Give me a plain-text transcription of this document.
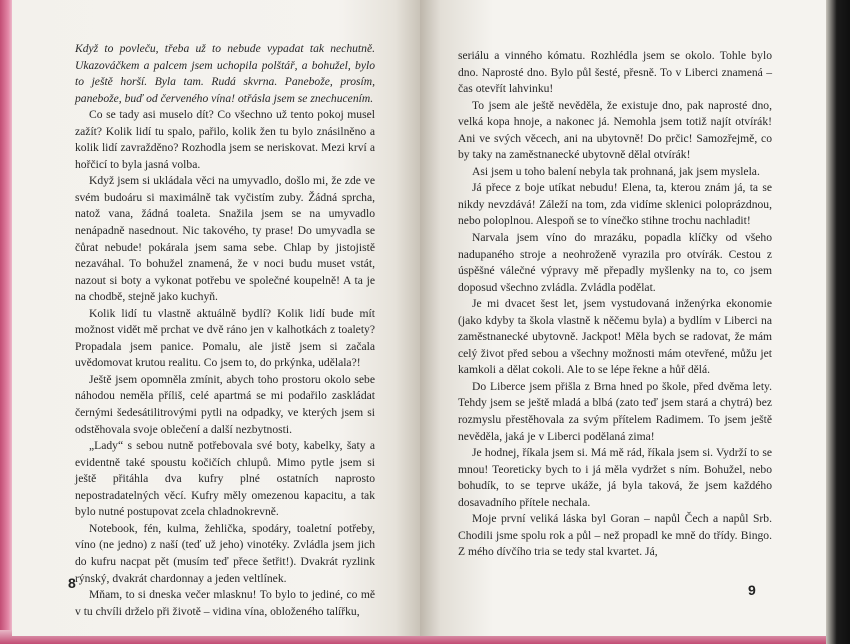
Když to povleču, třeba už to nebude vypadat tak nechutně. Ukazováčkem a palcem jsem uchopila polštář, a bohužel, bylo to ještě horší. Byla tam. Rudá skvrna. Panebože, prosím, panebože, buď od červeného vína! otřásla jsem se znechucením.

Co se tady asi muselo dít? Co všechno už tento pokoj musel zažít? Kolik lidí tu spalo, pařilo, kolik žen tu bylo znásilněno a kolik lidí zavražděno? Rozhodla jsem se neriskovat. Mezi krví a hořčicí to byla jasná volba.

Když jsem si ukládala věci na umyvadlo, došlo mi, že zde ve svém budoáru si maximálně tak vyčistím zuby. Žádná sprcha, natož vana, žádná toaleta. Snažila jsem se na umyvadlo nenápadně nasednout. Nic takového, ty prase! Do umyvadla se čůrat nebude! pokárala jsem sama sebe. Chlap by jistojistě nezaváhal. To bohužel znamená, že v noci budu muset vstát, nazout si boty a vykonat potřebu ve společné koupelně! A ta je na chodbě, stejně jako kuchyň.

Kolik lidí tu vlastně aktuálně bydlí? Kolik lidí bude mít možnost vidět mě prchat ve dvě ráno jen v kalhotkách z toalety? Propadala jsem panice. Pomalu, ale jistě jsem si začala uvědomovat krutou realitu. Co jsem to, do prkýnka, udělala?!

Ještě jsem opomněla zmínit, abych toho prostoru okolo sebe náhodou neměla příliš, celé apartmá se mi podařilo zaskládat černými šedesátilitrovými pytli na odpadky, ve kterých jsem si odstěhovala svoje oblečení a další nezbytnosti.

„Lady“ s sebou nutně potřebovala své boty, kabelky, šaty a evidentně také spoustu kočičích chlupů. Mimo pytle jsem si ještě přitáhla dva kufry plné ostatních naprosto nepostradatelných věcí. Kufry měly omezenou kapacitu, a tak bylo nutné postupovat zcela chladnokrevně.

Notebook, fén, kulma, žehlička, spodáry, toaletní potřeby, víno (ne jedno) z naší (teď už jeho) vinotéky. Zvládla jsem jich do kufru nacpat pět (musím teď přece šetřit!). Dvakrát ryzlink rýnský, dvakrát chardonnay a jeden veltlínek.

Mňam, to si dneska večer mlasknu! To bylo to jediné, co mě v tu chvíli drželo při životě – vidina vína, obloženého talířku,

8

seriálu a vinného kómatu. Rozhlédla jsem se okolo. Tohle bylo dno. Naprosté dno. Bylo půl šesté, přesně. To v Liberci znamená – čas otevřít lahvinku!

To jsem ale ještě nevěděla, že existuje dno, pak naprosté dno, velká kopa hnoje, a nakonec já. Nemohla jsem totiž najít otvírák! Ani ve svých věcech, ani na ubytovně! Do prčic! Samozřejmě, co by taky na zaměstnanecké ubytovně dělal otvírák!

Asi jsem u toho balení nebyla tak prohnaná, jak jsem myslela.

Já přece z boje utíkat nebudu! Elena, ta, kterou znám já, ta se nikdy nevzdává! Záleží na tom, zda vidíme sklenici poloprázdnou, nebo poloplnou. Alespoň se to vínečko stihne trochu nachladit!

Narvala jsem víno do mrazáku, popadla klíčky od všeho nadupaného stroje a neohroženě vyrazila pro otvírák. Cestou z úspěšné válečné výpravy mě přepadly myšlenky na to, co jsem doposud všechno zvládla. Zvládla podělat.

Je mi dvacet šest let, jsem vystudovaná inženýrka ekonomie (jako kdyby ta škola vlastně k něčemu byla) a bydlím v Liberci na zaměstnanecké ubytovně. Jackpot! Měla bych se radovat, že mám celý život před sebou a všechny možnosti mám otevřené, můžu jet kamkoli a dělat cokoli. Ale to se lépe řekne a hůř dělá.

Do Liberce jsem přišla z Brna hned po škole, před dvěma lety. Tehdy jsem se ještě mladá a blbá (zato teď jsem stará a chytrá) bez rozmyslu přestěhovala za svým přítelem Radimem. To jsem ještě nevěděla, jaká je v Liberci podělaná zima!

Je hodnej, říkala jsem si. Má mě rád, říkala jsem si. Vydrží to se mnou! Teoreticky bych to i já měla vydržet s ním. Bohužel, nebo bohudík, to se teprve ukáže, já byla taková, že jsem každého dosavadního přítele nechala.

Moje první veliká láska byl Goran – napůl Čech a napůl Srb. Chodili jsme spolu rok a půl – než propadl ke mně do třídy. Bingo. Z mého dívčího tria se tedy stal kvartet. Já,

9
